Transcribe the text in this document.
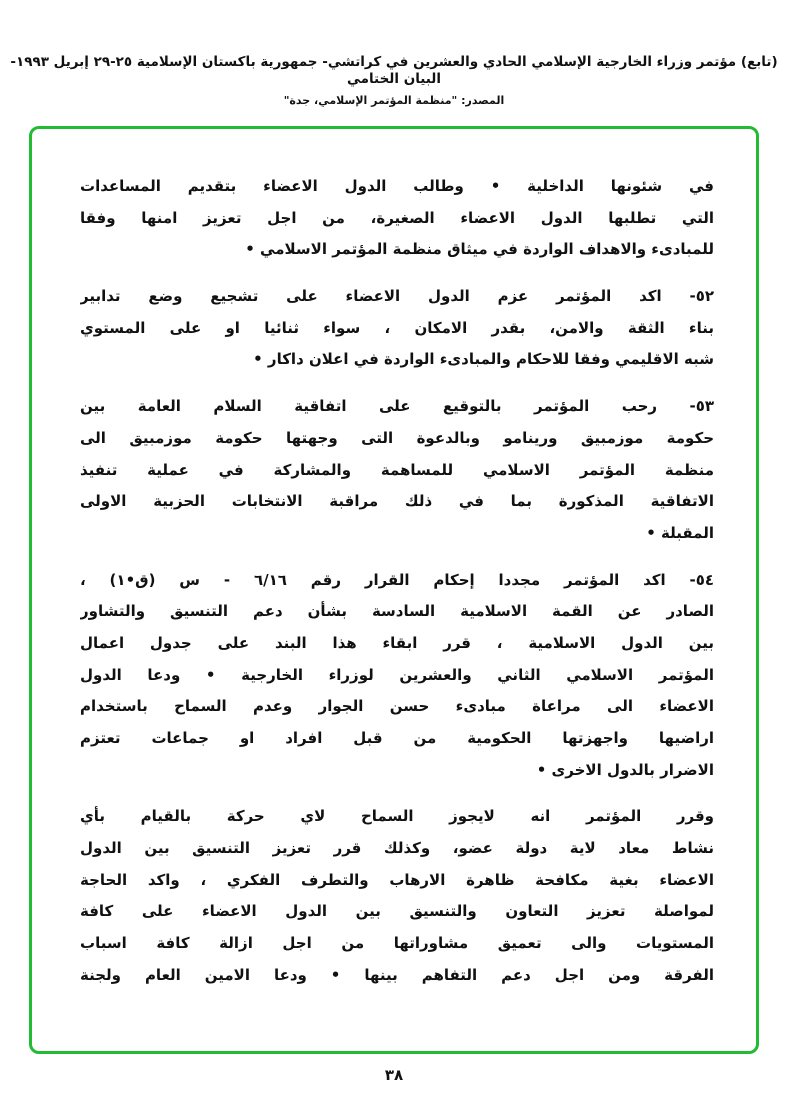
(تابع) مؤتمر وزراء الخارجية الإسلامي الحادي والعشرين في كراتشي- جمهورية باكستان الإسلامية ٢٥-٢٩ إبريل ١٩٩٣- البيان الختامي
المصدر: "منظمة المؤتمر الإسلامي، جدة"
في شئونها الداخلية • وطالب الدول الاعضاء بتقديم المساعدات
التي تطلبها الدول الاعضاء الصغيرة، من اجل تعزيز امنها وفقا
للمبادىء والاهداف الواردة في ميثاق منظمة المؤتمر الاسلامي •
٥٢- اكد المؤتمر عزم الدول الاعضاء على تشجيع وضع تدابير
بناء الثقة والامن، بقدر الامكان ، سواء ثنائيا او على المستوي
شبه الاقليمي وفقا للاحكام والمبادىء الواردة في اعلان داكار •
٥٣- رحب المؤتمر بالتوقيع على اتفاقية السلام العامة بين
حكومة موزمبيق ورينامو وبالدعوة التى وجهتها حكومة موزمبيق الى
منظمة المؤتمر الاسلامي للمساهمة والمشاركة في عملية تنفيذ
الاتفاقية المذكورة بما في ذلك مراقبة الانتخابات الحزبية الاولى
المقبلة •
٥٤- اكد المؤتمر مجددا إحكام القرار رقم ٦/١٦ - س (ق•١) ،
الصادر عن القمة الاسلامية السادسة بشأن دعم التنسيق والتشاور
بين الدول الاسلامية ، قرر ابقاء هذا البند على جدول اعمال
المؤتمر الاسلامي الثاني والعشرين لوزراء الخارجية • ودعا الدول
الاعضاء الى مراعاة مبادىء حسن الجوار وعدم السماح باستخدام
اراضيها واجهزتها الحكومية من قبل افراد او جماعات تعتزم
الاضرار بالدول الاخرى •
وقرر المؤتمر انه لايجوز السماح لاي حركة بالقيام بأي
نشاط معاد لاية دولة عضو، وكذلك قرر تعزيز التنسيق بين الدول
الاعضاء بغية مكافحة ظاهرة الارهاب والتطرف الفكري ، واكد الحاجة
لمواصلة تعزيز التعاون والتنسيق بين الدول الاعضاء على كافة
المستويات والى تعميق مشاوراتها من اجل ازالة كافة اسباب
الفرقة ومن اجل دعم التفاهم بينها • ودعا الامين العام ولجنة
٣٨
